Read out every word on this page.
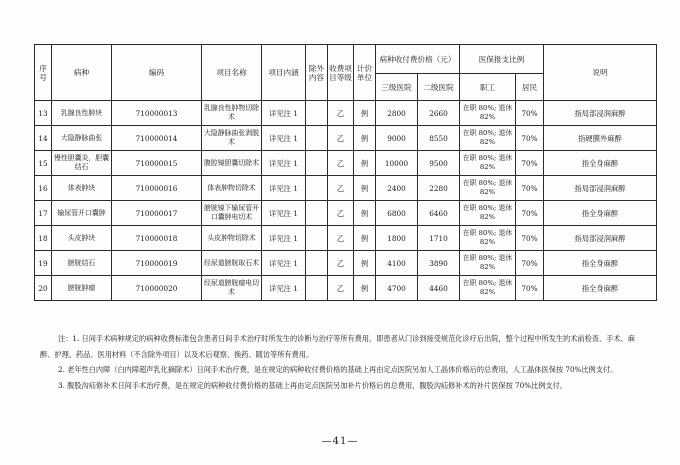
序号	病种	编码	项目名称	项目内涵	除外内容	收费项目等级	计价单位	病种收付费价格（元）		医保报支比例		说明
								三级医院	二级医院	职工	居民	
13	乳腺良性肿块	710000013	乳腺良性肿物切除术	详见注 1		乙	例	2800	2660	在职 80%; 退休 82%	70%	指局部浸润麻醉
14	大隐静脉曲张	710000014	大隐静脉曲张剥脱术	详见注 1		乙	例	9000	8550	在职 80%; 退休 82%	70%	指硬膜外麻醉
15	慢性胆囊炎，胆囊结石	710000015	腹腔镜胆囊切除术	详见注 1		乙	例	10000	9500	在职 80%; 退休 82%	70%	指全身麻醉
16	体表肿块	710000016	体表肿物切除术	详见注 1		乙	例	2400	2280	在职 80%; 退休 82%	70%	指局部浸润麻醉
17	输尿管开口囊肿	710000017	膀胱镜下输尿管开口囊肿电切术	详见注 1		乙	例	6800	6460	在职 80%; 退休 82%	70%	指全身麻醉
18	头皮肿块	710000018	头皮肿物切除术	详见注 1		乙	例	1800	1710	在职 80%; 退休 82%	70%	指局部浸润麻醉
19	膀胱结石	710000019	经尿道膀胱取石术	详见注 1		乙	例	4100	3890	在职 80%; 退休 82%	70%	指全身麻醉
20	膀胱肿瘤	710000020	经尿道膀胱瘤电切术	详见注 1		乙	例	4700	4460	在职 80%; 退休 82%	70%	指全身麻醉

注：1. 日间手术病种规定的病种收费标准包含患者日间手术治疗时所发生的诊断与治疗等所有费用，即患者从门诊到接受规范化诊疗后出院，整个过程中所发生的术前检查、手术、麻醉、护理、药品、医用材料（不含除外项目）以及术后观察、换药、随访等所有费用。

2. 老年性白内障（白内障超声乳化摘除术）日间手术治疗费，是在规定的病种收付费价格的基础上再由定点医院另加人工晶体价格后的总费用，人工晶体医保按 70%比例支付。

3. 腹股沟疝修补术日间手术治疗费，是在规定的病种收付费价格的基础上再由定点医院另加补片价格后的总费用，腹股沟疝修补术的补片医保按 70%比例支付。

—41—
